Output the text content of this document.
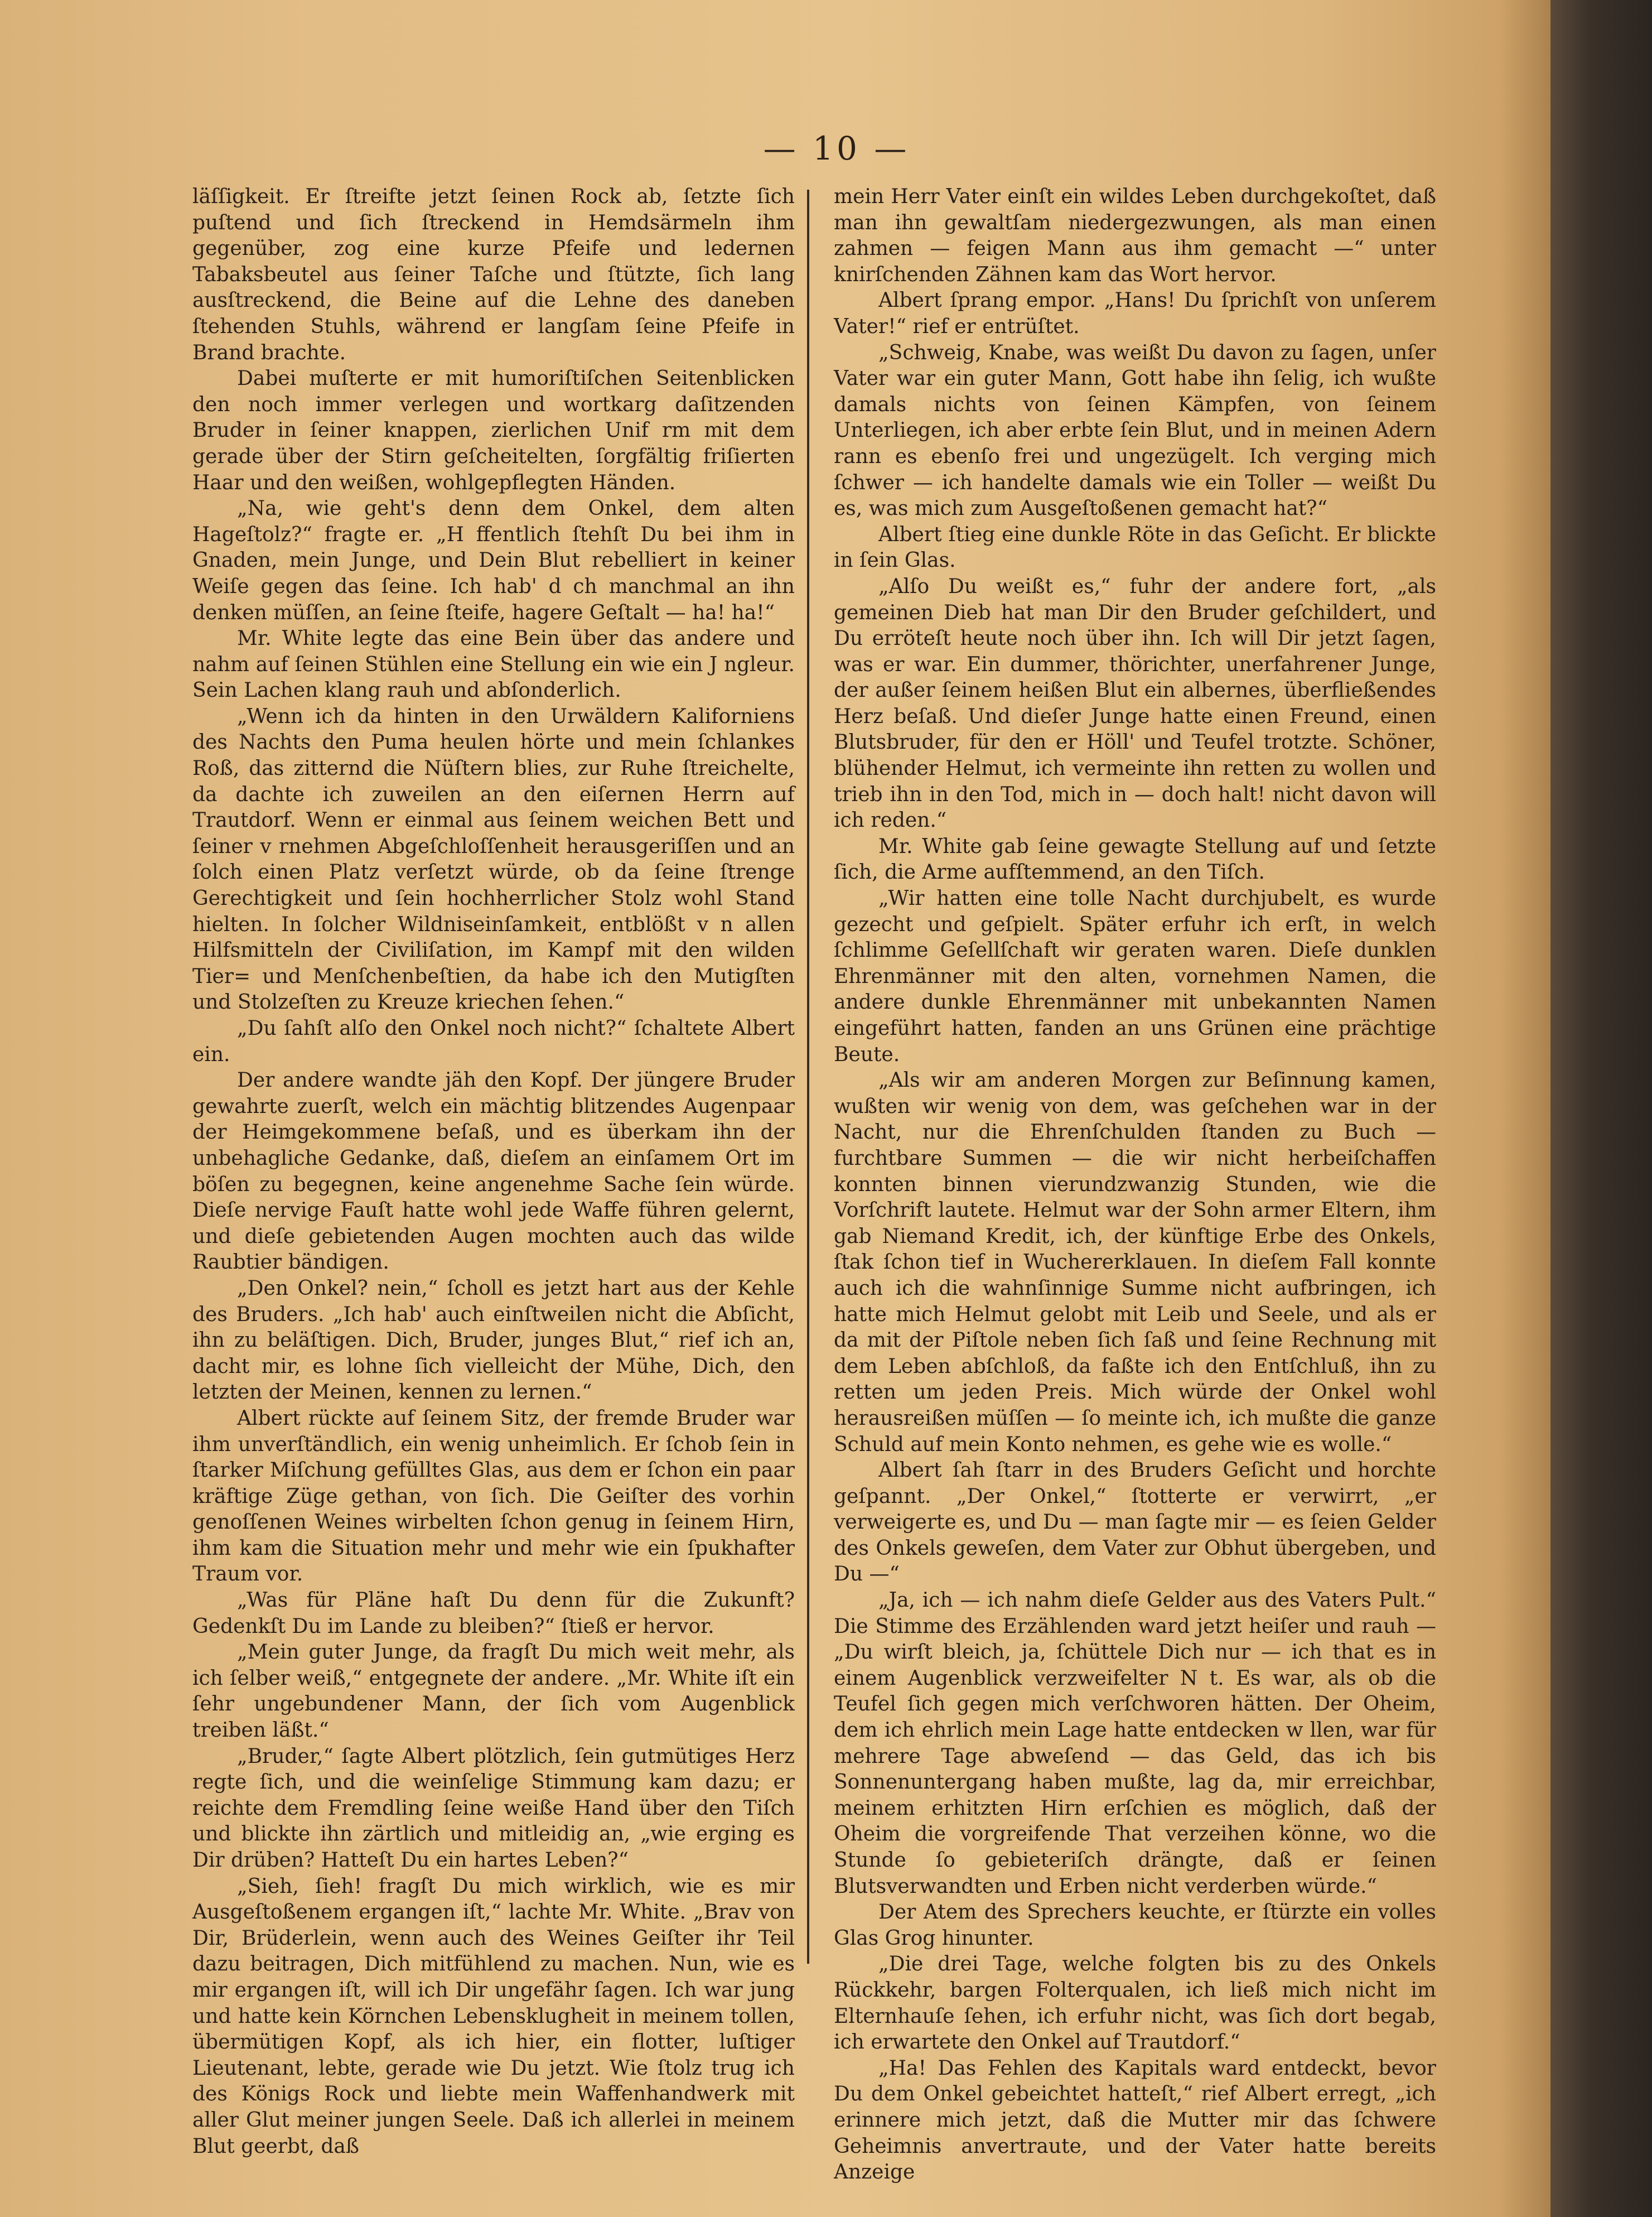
— 10 —

läſſigkeit. Er ſtreifte jetzt ſeinen Rock ab, ſetzte ſich puſtend und ſich ſtreckend in Hemdsärmeln ihm gegenüber, zog eine kurze Pfeife und ledernen Tabaksbeutel aus ſeiner Taſche und ſtützte, ſich lang ausſtreckend, die Beine auf die Lehne des daneben ſtehenden Stuhls, während er langſam ſeine Pfeife in Brand brachte.

Dabei muſterte er mit humoriſtiſchen Seitenblicken den noch immer verlegen und wortkarg daſitzenden Bruder in ſeiner knappen, zierlichen Unif rm mit dem gerade über der Stirn geſcheitelten, ſorgfältig friſierten Haar und den weißen, wohlgepflegten Händen.

„Na, wie geht's denn dem Onkel, dem alten Hageſtolz?“ fragte er. „H ffentlich ſtehſt Du bei ihm in Gnaden, mein Junge, und Dein Blut rebelliert in keiner Weiſe gegen das ſeine. Ich hab' d ch manchmal an ihn denken müſſen, an ſeine ſteife, hagere Geſtalt — ha! ha!“

Mr. White legte das eine Bein über das andere und nahm auf ſeinen Stühlen eine Stellung ein wie ein J ngleur. Sein Lachen klang rauh und abſonderlich.

„Wenn ich da hinten in den Urwäldern Kaliforniens des Nachts den Puma heulen hörte und mein ſchlankes Roß, das zitternd die Nüſtern blies, zur Ruhe ſtreichelte, da dachte ich zuweilen an den eiſernen Herrn auf Trautdorf. Wenn er einmal aus ſeinem weichen Bett und ſeiner v rnehmen Abgeſchloſſenheit herausgeriſſen und an ſolch einen Platz verſetzt würde, ob da ſeine ſtrenge Gerechtigkeit und ſein hochherrlicher Stolz wohl Stand hielten. In ſolcher Wildniseinſamkeit, entblößt v n allen Hilfsmitteln der Civiliſation, im Kampf mit den wilden Tier= und Menſchenbeſtien, da habe ich den Mutigſten und Stolzeſten zu Kreuze kriechen ſehen.“

„Du ſahſt alſo den Onkel noch nicht?“ ſchaltete Albert ein.

Der andere wandte jäh den Kopf. Der jüngere Bruder gewahrte zuerſt, welch ein mächtig blitzendes Augenpaar der Heimgekommene beſaß, und es überkam ihn der unbehagliche Gedanke, daß, dieſem an einſamem Ort im böſen zu begegnen, keine angenehme Sache ſein würde. Dieſe nervige Fauſt hatte wohl jede Waffe führen gelernt, und dieſe gebietenden Augen mochten auch das wilde Raubtier bändigen.

„Den Onkel? nein,“ ſcholl es jetzt hart aus der Kehle des Bruders. „Ich hab' auch einſtweilen nicht die Abſicht, ihn zu beläſtigen. Dich, Bruder, junges Blut,“ rief ich an, dacht mir, es lohne ſich vielleicht der Mühe, Dich, den letzten der Meinen, kennen zu lernen.“

Albert rückte auf ſeinem Sitz, der fremde Bruder war ihm unverſtändlich, ein wenig unheimlich. Er ſchob ſein in ſtarker Miſchung gefülltes Glas, aus dem er ſchon ein paar kräftige Züge gethan, von ſich. Die Geiſter des vorhin genoſſenen Weines wirbelten ſchon genug in ſeinem Hirn, ihm kam die Situation mehr und mehr wie ein ſpukhafter Traum vor.

„Was für Pläne haſt Du denn für die Zukunft? Gedenkſt Du im Lande zu bleiben?“ ſtieß er hervor.

„Mein guter Junge, da fragſt Du mich weit mehr, als ich ſelber weiß,“ entgegnete der andere. „Mr. White iſt ein ſehr ungebundener Mann, der ſich vom Augenblick treiben läßt.“

„Bruder,“ ſagte Albert plötzlich, ſein gutmütiges Herz regte ſich, und die weinſelige Stimmung kam dazu; er reichte dem Fremdling ſeine weiße Hand über den Tiſch und blickte ihn zärtlich und mitleidig an, „wie erging es Dir drüben? Hatteſt Du ein hartes Leben?“

„Sieh, ſieh! fragſt Du mich wirklich, wie es mir Ausgeſtoßenem ergangen iſt,“ lachte Mr. White. „Brav von Dir, Brüderlein, wenn auch des Weines Geiſter ihr Teil dazu beitragen, Dich mitfühlend zu machen. Nun, wie es mir ergangen iſt, will ich Dir ungefähr ſagen. Ich war jung und hatte kein Körnchen Lebensklugheit in meinem tollen, übermütigen Kopf, als ich hier, ein flotter, luſtiger Lieutenant, lebte, gerade wie Du jetzt. Wie ſtolz trug ich des Königs Rock und liebte mein Waffenhandwerk mit aller Glut meiner jungen Seele. Daß ich allerlei in meinem Blut geerbt, daß

mein Herr Vater einſt ein wildes Leben durchgekoſtet, daß man ihn gewaltſam niedergezwungen, als man einen zahmen — feigen Mann aus ihm gemacht —“ unter knirſchenden Zähnen kam das Wort hervor.

Albert ſprang empor. „Hans! Du ſprichſt von unſerem Vater!“ rief er entrüſtet.

„Schweig, Knabe, was weißt Du davon zu ſagen, unſer Vater war ein guter Mann, Gott habe ihn ſelig, ich wußte damals nichts von ſeinen Kämpfen, von ſeinem Unterliegen, ich aber erbte ſein Blut, und in meinen Adern rann es ebenſo frei und ungezügelt. Ich verging mich ſchwer — ich handelte damals wie ein Toller — weißt Du es, was mich zum Ausgeſtoßenen gemacht hat?“

Albert ſtieg eine dunkle Röte in das Geſicht. Er blickte in ſein Glas.

„Alſo Du weißt es,“ fuhr der andere fort, „als gemeinen Dieb hat man Dir den Bruder geſchildert, und Du erröteſt heute noch über ihn. Ich will Dir jetzt ſagen, was er war. Ein dummer, thörichter, unerfahrener Junge, der außer ſeinem heißen Blut ein albernes, überfließendes Herz beſaß. Und dieſer Junge hatte einen Freund, einen Blutsbruder, für den er Höll' und Teufel trotzte. Schöner, blühender Helmut, ich vermeinte ihn retten zu wollen und trieb ihn in den Tod, mich in — doch halt! nicht davon will ich reden.“

Mr. White gab ſeine gewagte Stellung auf und ſetzte ſich, die Arme aufſtemmend, an den Tiſch.

„Wir hatten eine tolle Nacht durchjubelt, es wurde gezecht und geſpielt. Später erfuhr ich erſt, in welch ſchlimme Geſellſchaft wir geraten waren. Dieſe dunklen Ehrenmänner mit den alten, vornehmen Namen, die andere dunkle Ehrenmänner mit unbekannten Namen eingeführt hatten, fanden an uns Grünen eine prächtige Beute.

„Als wir am anderen Morgen zur Beſinnung kamen, wußten wir wenig von dem, was geſchehen war in der Nacht, nur die Ehrenſchulden ſtanden zu Buch — furchtbare Summen — die wir nicht herbeiſchaffen konnten binnen vierundzwanzig Stunden, wie die Vorſchrift lautete. Helmut war der Sohn armer Eltern, ihm gab Niemand Kredit, ich, der künftige Erbe des Onkels, ſtak ſchon tief in Wuchererklauen. In dieſem Fall konnte auch ich die wahnſinnige Summe nicht aufbringen, ich hatte mich Helmut gelobt mit Leib und Seele, und als er da mit der Piſtole neben ſich ſaß und ſeine Rechnung mit dem Leben abſchloß, da faßte ich den Entſchluß, ihn zu retten um jeden Preis. Mich würde der Onkel wohl herausreißen müſſen — ſo meinte ich, ich mußte die ganze Schuld auf mein Konto nehmen, es gehe wie es wolle.“

Albert ſah ſtarr in des Bruders Geſicht und horchte geſpannt. „Der Onkel,“ ſtotterte er verwirrt, „er verweigerte es, und Du — man ſagte mir — es ſeien Gelder des Onkels geweſen, dem Vater zur Obhut übergeben, und Du —“

„Ja, ich — ich nahm dieſe Gelder aus des Vaters Pult.“ Die Stimme des Erzählenden ward jetzt heiſer und rauh — „Du wirſt bleich, ja, ſchüttele Dich nur — ich that es in einem Augenblick verzweifelter N t. Es war, als ob die Teufel ſich gegen mich verſchworen hätten. Der Oheim, dem ich ehrlich mein Lage hatte entdecken w llen, war für mehrere Tage abweſend — das Geld, das ich bis Sonnenuntergang haben mußte, lag da, mir erreichbar, meinem erhitzten Hirn erſchien es möglich, daß der Oheim die vorgreifende That verzeihen könne, wo die Stunde ſo gebieteriſch drängte, daß er ſeinen Blutsverwandten und Erben nicht verderben würde.“

Der Atem des Sprechers keuchte, er ſtürzte ein volles Glas Grog hinunter.

„Die drei Tage, welche folgten bis zu des Onkels Rückkehr, bargen Folterqualen, ich ließ mich nicht im Elternhauſe ſehen, ich erfuhr nicht, was ſich dort begab, ich erwartete den Onkel auf Trautdorf.“

„Ha! Das Fehlen des Kapitals ward entdeckt, bevor Du dem Onkel gebeichtet hatteſt,“ rief Albert erregt, „ich erinnere mich jetzt, daß die Mutter mir das ſchwere Geheimnis anvertraute, und der Vater hatte bereits Anzeige
